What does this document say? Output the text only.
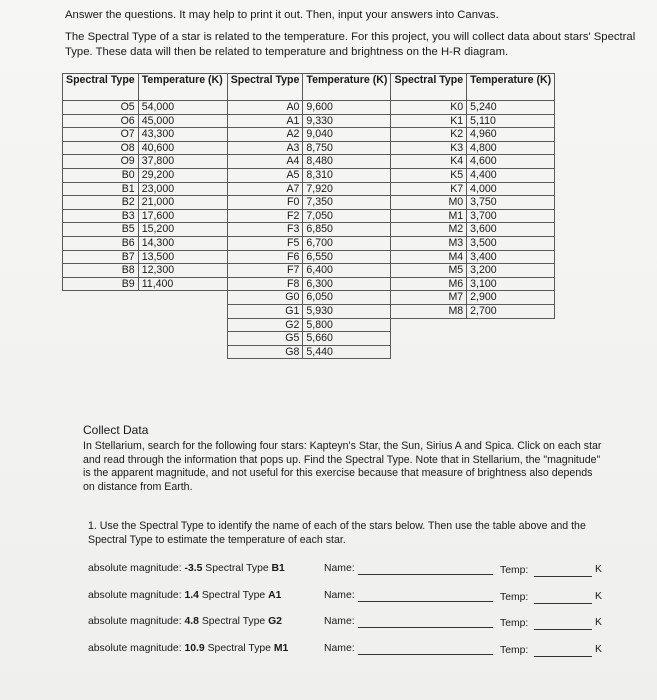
Answer the questions. It may help to print it out. Then, input your answers into Canvas.

The Spectral Type of a star is related to the temperature. For this project, you will collect data about stars' Spectral Type. These data will then be related to temperature and brightness on the H-R diagram.

Spectral Type	Temperature (K)	Spectral Type	Temperature (K)	Spectral Type	Temperature (K)
O5	54,000	A0	9,600	K0	5,240
O6	45,000	A1	9,330	K1	5,110
O7	43,300	A2	9,040	K2	4,960
O8	40,600	A3	8,750	K3	4,800
O9	37,800	A4	8,480	K4	4,600
B0	29,200	A5	8,310	K5	4,400
B1	23,000	A7	7,920	K7	4,000
B2	21,000	F0	7,350	M0	3,750
B3	17,600	F2	7,050	M1	3,700
B5	15,200	F3	6,850	M2	3,600
B6	14,300	F5	6,700	M3	3,500
B7	13,500	F6	6,550	M4	3,400
B8	12,300	F7	6,400	M5	3,200
B9	11,400	F8	6,300	M6	3,100
		G0	6,050	M7	2,900
		G1	5,930	M8	2,700
		G2	5,800		
		G5	5,660		
		G8	5,440		
Collect Data

In Stellarium, search for the following four stars: Kapteyn's Star, the Sun, Sirius A and Spica. Click on each star and read through the information that pops up. Find the Spectral Type. Note that in Stellarium, the "magnitude" is the apparent magnitude, and not useful for this exercise because that measure of brightness also depends on distance from Earth.

1. Use the Spectral Type to identify the name of each of the stars below. Then use the table above and the Spectral Type to estimate the temperature of each star.

absolute magnitude: -3.5 Spectral Type B1	Name:	Temp:	K
absolute magnitude: 1.4 Spectral Type A1	Name:	Temp:	K
absolute magnitude: 4.8 Spectral Type G2	Name:	Temp:	K
absolute magnitude: 10.9 Spectral Type M1	Name:	Temp:	K
